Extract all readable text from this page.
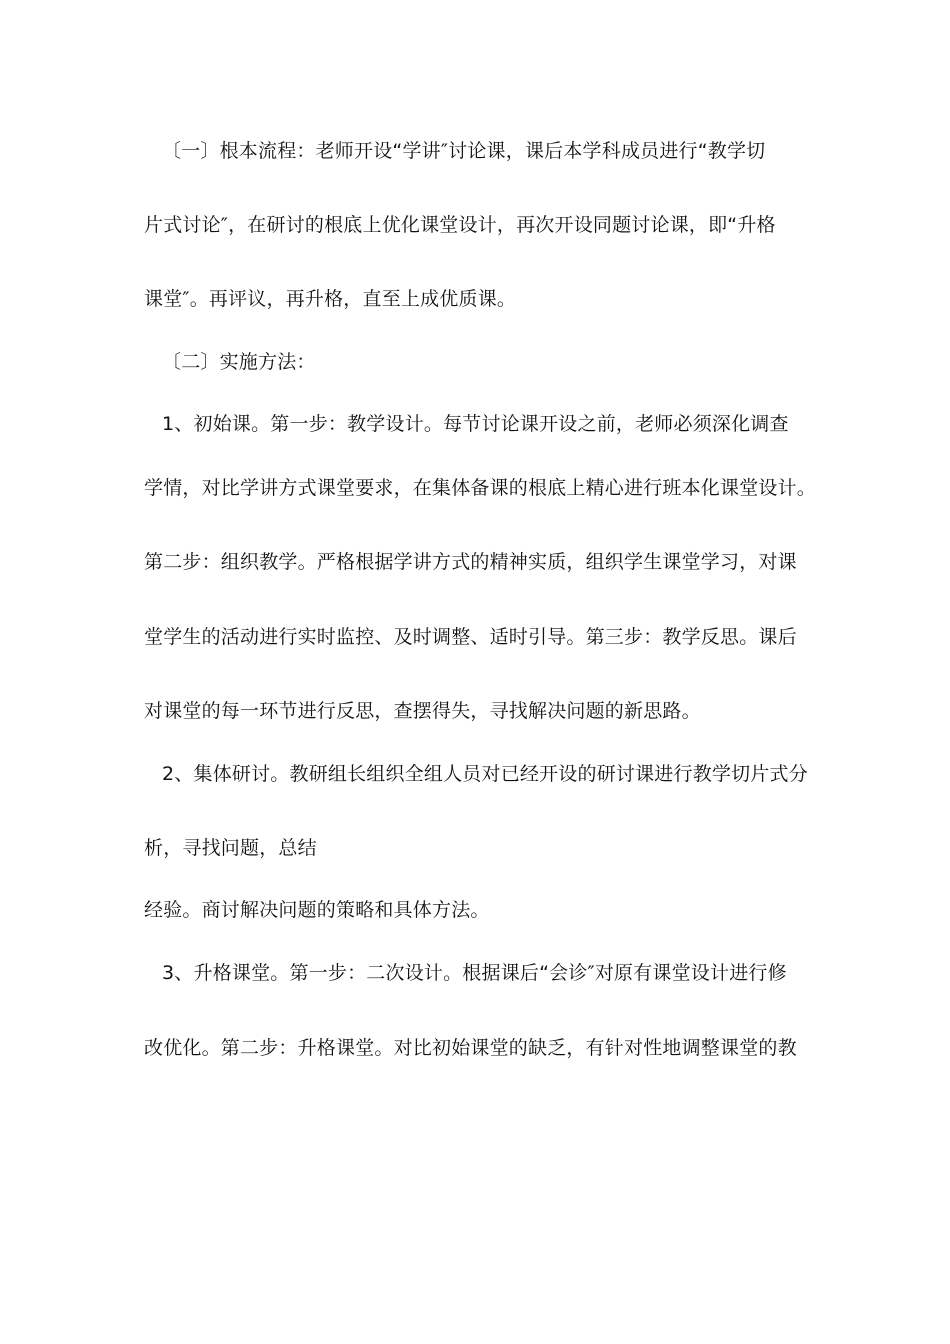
〔一〕根本流程：老师开设“学讲″讨论课，课后本学科成员进行“教学切
片式讨论″，在研讨的根底上优化课堂设计，再次开设同题讨论课，即“升格
课堂″。再评议，再升格，直至上成优质课。
〔二〕实施方法：
1、初始课。第一步：教学设计。每节讨论课开设之前，老师必须深化调查
学情，对比学讲方式课堂要求，在集体备课的根底上精心进行班本化课堂设计。
第二步：组织教学。严格根据学讲方式的精神实质，组织学生课堂学习，对课
堂学生的活动进行实时监控、及时调整、适时引导。第三步：教学反思。课后
对课堂的每一环节进行反思，查摆得失，寻找解决问题的新思路。
2、集体研讨。教研组长组织全组人员对已经开设的研讨课进行教学切片式分
析，寻找问题，总结
经验。商讨解决问题的策略和具体方法。
3、升格课堂。第一步：二次设计。根据课后“会诊″对原有课堂设计进行修
改优化。第二步：升格课堂。对比初始课堂的缺乏，有针对性地调整课堂的教
